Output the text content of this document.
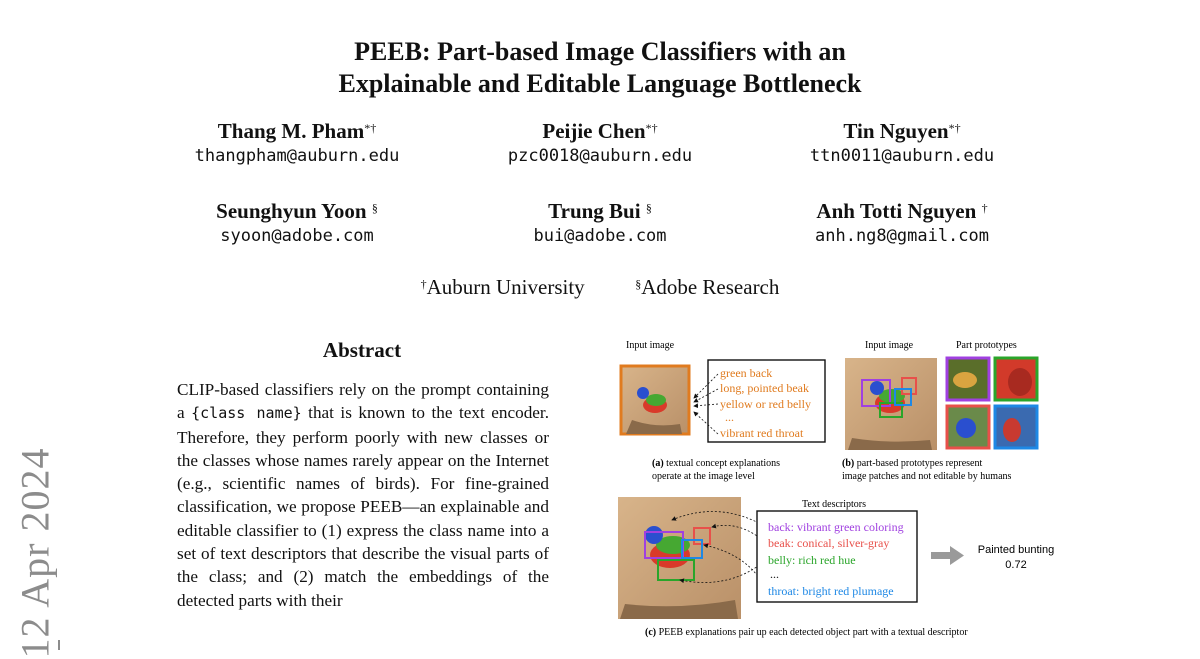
PEEB: Part-based Image Classifiers with an
Explainable and Editable Language Bottleneck
Thang M. Pham*†
thangpham@auburn.edu
Peijie Chen*†
pzc0018@auburn.edu
Tin Nguyen*†
ttn0011@auburn.edu
Seunghyun Yoon §
syoon@adobe.com
Trung Bui §
bui@adobe.com
Anh Totti Nguyen †
anh.ng8@gmail.com
†Auburn University	§Adobe Research
12 Apr 2024
Abstract
CLIP-based classifiers rely on the prompt containing a {class name} that is known to the text encoder. Therefore, they perform poorly with new classes or the classes whose names rarely appear on the Internet (e.g., scientific names of birds). For fine-grained classification, we propose PEEB—an explainable and editable classifier to (1) express the class name into a set of text descriptors that describe the visual parts of the class; and (2) match the embeddings of the detected parts with their
Input image
green back
long, pointed beak
yellow or red belly
...
vibrant red throat
(a) textual concept explanations
operate at the image level
Input image	Part prototypes
(b) part-based prototypes represent
image patches and not editable by humans
Text descriptors
back: vibrant green coloring
beak: conical, silver-gray
belly: rich red hue
...
throat: bright red plumage
Painted bunting
0.72
(c) PEEB explanations pair up each detected object part with a textual descriptor
